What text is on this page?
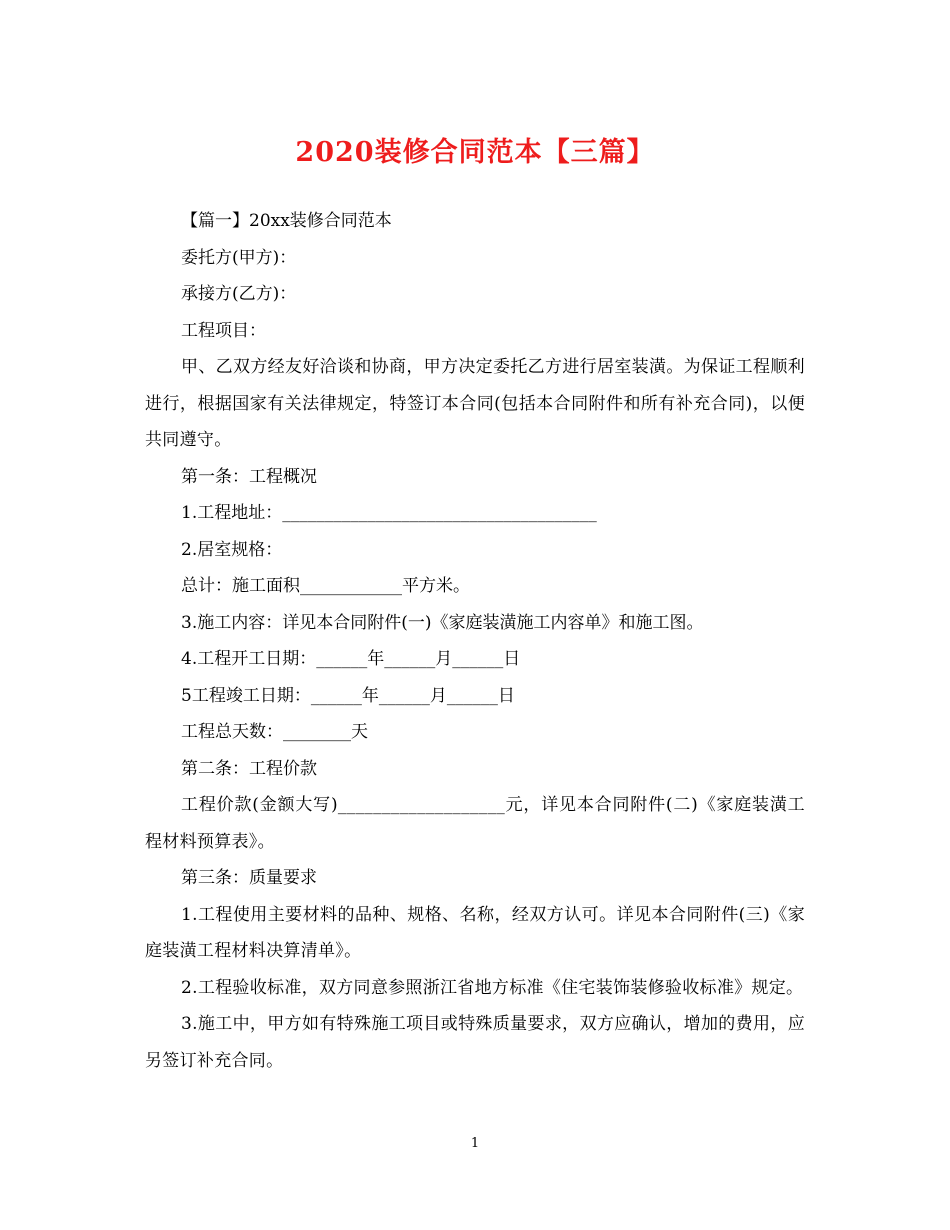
2020装修合同范本【三篇】
【篇一】20xx装修合同范本
委托方(甲方)：
承接方(乙方)：
工程项目：
甲、乙双方经友好洽谈和协商，甲方决定委托乙方进行居室装潢。为保证工程顺利进行，根据国家有关法律规定，特签订本合同(包括本合同附件和所有补充合同)，以便共同遵守。
第一条：工程概况
1.工程地址：_____________________________________
2.居室规格：
总计：施工面积____________平方米。
3.施工内容：详见本合同附件(一)《家庭装潢施工内容单》和施工图。
4.工程开工日期：______年______月______日
5工程竣工日期：______年______月______日
工程总天数：________天
第二条：工程价款
工程价款(金额大写)___________________元，详见本合同附件(二)《家庭装潢工程材料预算表》。
第三条：质量要求
1.工程使用主要材料的品种、规格、名称，经双方认可。详见本合同附件(三)《家庭装潢工程材料决算清单》。
2.工程验收标准，双方同意参照浙江省地方标准《住宅装饰装修验收标准》规定。
3.施工中，甲方如有特殊施工项目或特殊质量要求，双方应确认，增加的费用，应另签订补充合同。
1
